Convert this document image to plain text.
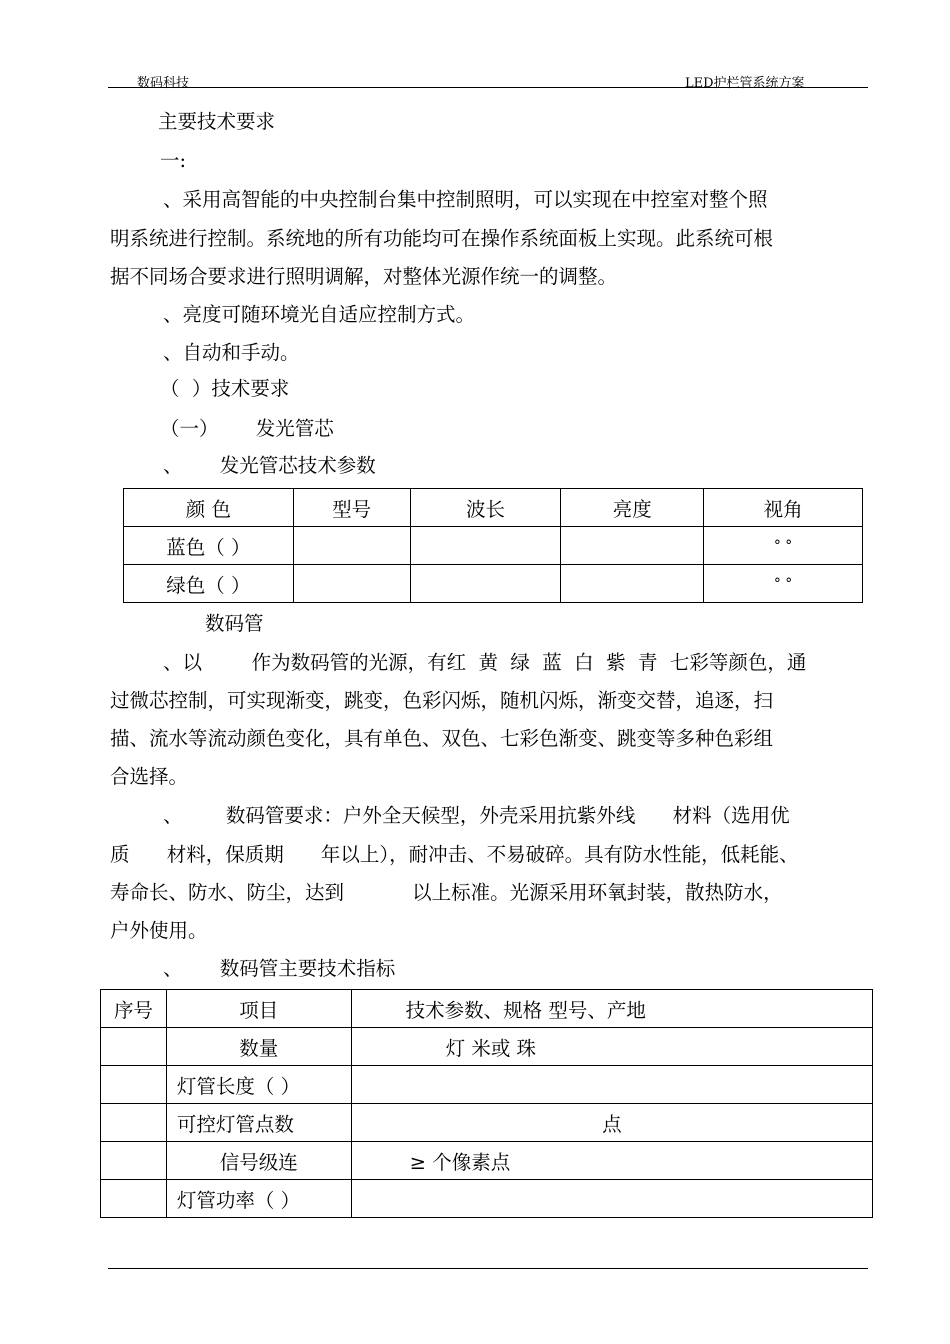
数码科技	LED护栏管系统方案
主要技术要求
一:
、采用高智能的中央控制台集中控制照明，可以实现在中控室对整个照
明系统进行控制。系统地的所有功能均可在操作系统面板上实现。此系统可根
据不同场合要求进行照明调解，对整体光源作统一的调整。
、亮度可随环境光自适应控制方式。
、自动和手动。
（  ）技术要求
（一）      发光管芯
、      发光管芯技术参数
颜 色	型号	波长	亮度	视角
蓝色（ ）				° °
绿色（ ）				° °
数码管
、以        作为数码管的光源，有红  黄  绿  蓝  白  紫  青  七彩等颜色，通
过微芯控制，可实现渐变，跳变，色彩闪烁，随机闪烁，渐变交替，追逐，扫
描、流水等流动颜色变化，具有单色、双色、七彩色渐变、跳变等多种色彩组
合选择。
、       数码管要求：户外全天候型，外壳采用抗紫外线      材料（选用优
质      材料，保质期      年以上），耐冲击、不易破碎。具有防水性能，低耗能、
寿命长、防水、防尘，达到           以上标准。光源采用环氧封装，散热防水，
户外使用。
、      数码管主要技术指标
序号	项目	技术参数、规格 型号、产地
	数量	灯 米或 珠
	灯管长度（ ）	
	可控灯管点数	点
	信号级连	≥ 个像素点
	灯管功率（ ）	
